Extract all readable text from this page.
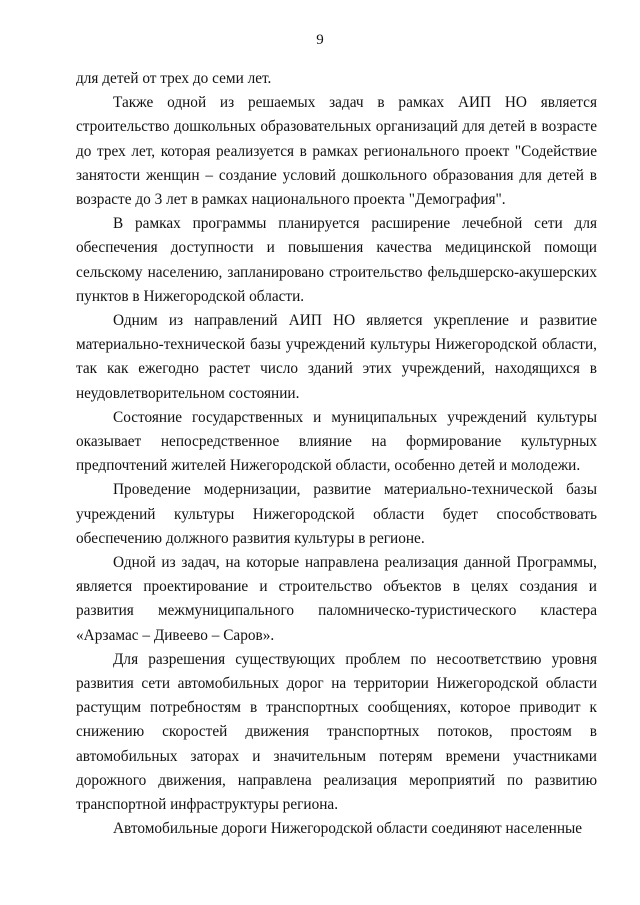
9

для детей от трех до семи лет.

Также одной из решаемых задач в рамках АИП НО является строительство дошкольных образовательных организаций для детей в возрасте до трех лет, которая реализуется в рамках регионального проект "Содействие занятости женщин – создание условий дошкольного образования для детей в возрасте до 3 лет в рамках национального проекта "Демография".

В рамках программы планируется расширение лечебной сети для обеспечения доступности и повышения качества медицинской помощи сельскому населению, запланировано строительство фельдшерско-акушерских пунктов в Нижегородской области.

Одним из направлений АИП НО является укрепление и развитие материально-технической базы учреждений культуры Нижегородской области, так как ежегодно растет число зданий этих учреждений, находящихся в неудовлетворительном состоянии.

Состояние государственных и муниципальных учреждений культуры оказывает непосредственное влияние на формирование культурных предпочтений жителей Нижегородской области, особенно детей и молодежи.

Проведение модернизации, развитие материально-технической базы учреждений культуры Нижегородской области будет способствовать обеспечению должного развития культуры в регионе.

Одной из задач, на которые направлена реализация данной Программы, является проектирование и строительство объектов в целях создания и развития межмуниципального паломническо-туристического кластера «Арзамас – Дивеево – Саров».

Для разрешения существующих проблем по несоответствию уровня развития сети автомобильных дорог на территории Нижегородской области растущим потребностям в транспортных сообщениях, которое приводит к снижению скоростей движения транспортных потоков, простоям в автомобильных заторах и значительным потерям времени участниками дорожного движения, направлена реализация мероприятий по развитию транспортной инфраструктуры региона.

Автомобильные дороги Нижегородской области соединяют населенные
